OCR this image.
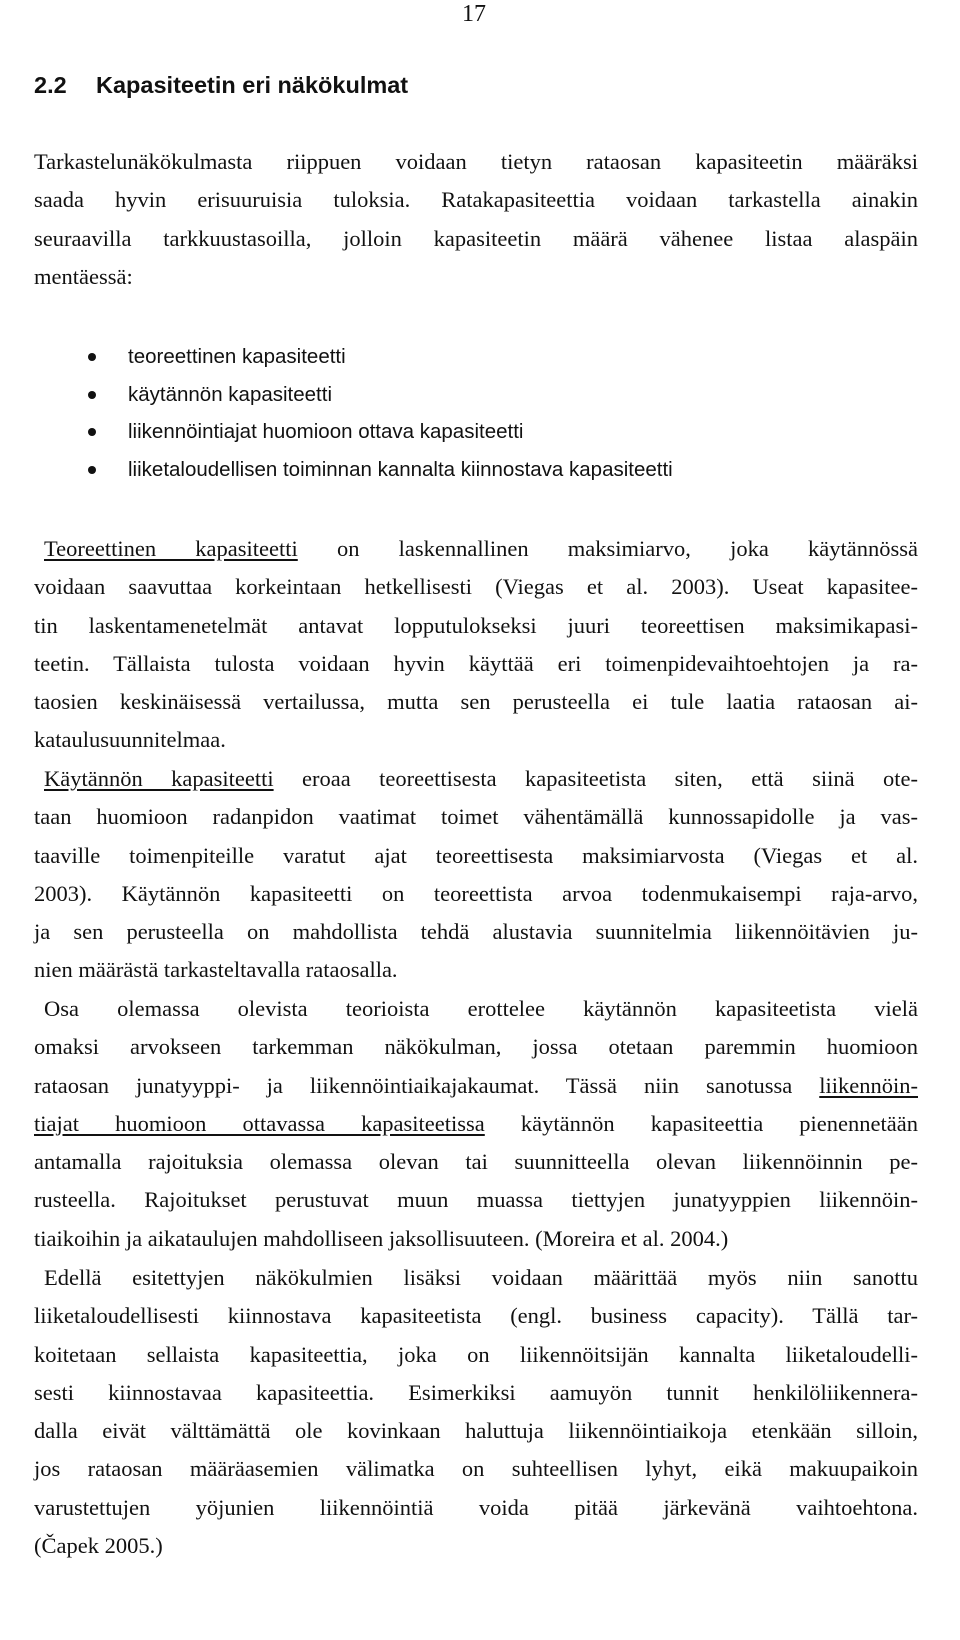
17
2.2 Kapasiteetin eri näkökulmat

Tarkastelunäkökulmasta riippuen voidaan tietyn rataosan kapasiteetin määräksi
saada hyvin erisuuruisia tuloksia. Ratakapasiteettia voidaan tarkastella ainakin
seuraavilla tarkkuustasoilla, jolloin kapasiteetin määrä vähenee listaa alaspäin
mentäessä:

teoreettinen kapasiteetti
käytännön kapasiteetti
liikennöintiajat huomioon ottava kapasiteetti
liiketaloudellisen toiminnan kannalta kiinnostava kapasiteetti

Teoreettinen kapasiteetti on laskennallinen maksimiarvo, joka käytännössä
voidaan saavuttaa korkeintaan hetkellisesti (Viegas et al. 2003). Useat kapasitee-
tin laskentamenetelmät antavat lopputulokseksi juuri teoreettisen maksimikapasi-
teetin. Tällaista tulosta voidaan hyvin käyttää eri toimenpidevaihtoehtojen ja ra-
taosien keskinäisessä vertailussa, mutta sen perusteella ei tule laatia rataosan ai-
kataulusuunnitelmaa.

Käytännön kapasiteetti eroaa teoreettisesta kapasiteetista siten, että siinä ote-
taan huomioon radanpidon vaatimat toimet vähentämällä kunnossapidolle ja vas-
taaville toimenpiteille varatut ajat teoreettisesta maksimiarvosta (Viegas et al.
2003). Käytännön kapasiteetti on teoreettista arvoa todenmukaisempi raja-arvo,
ja sen perusteella on mahdollista tehdä alustavia suunnitelmia liikennöitävien ju-
nien määrästä tarkasteltavalla rataosalla.

Osa olemassa olevista teorioista erottelee käytännön kapasiteetista vielä
omaksi arvokseen tarkemman näkökulman, jossa otetaan paremmin huomioon
rataosan junatyyppi- ja liikennöintiaikajakaumat. Tässä niin sanotussa liikennöin-
tiajat huomioon ottavassa kapasiteetissa käytännön kapasiteettia pienennetään
antamalla rajoituksia olemassa olevan tai suunnitteella olevan liikennöinnin pe-
rusteella. Rajoitukset perustuvat muun muassa tiettyjen junatyyppien liikennöin-
tiaikoihin ja aikataulujen mahdolliseen jaksollisuuteen. (Moreira et al. 2004.)

Edellä esitettyjen näkökulmien lisäksi voidaan määrittää myös niin sanottu
liiketaloudellisesti kiinnostava kapasiteetista (engl. business capacity). Tällä tar-
koitetaan sellaista kapasiteettia, joka on liikennöitsijän kannalta liiketaloudelli-
sesti kiinnostavaa kapasiteettia. Esimerkiksi aamuyön tunnit henkilöliikennera-
dalla eivät välttämättä ole kovinkaan haluttuja liikennöintiaikoja etenkään silloin,
jos rataosan määräasemien välimatka on suhteellisen lyhyt, eikä makuupaikoin
varustettujen yöjunien liikennöintiä voida pitää järkevänä vaihtoehtona.
(Čapek 2005.)
